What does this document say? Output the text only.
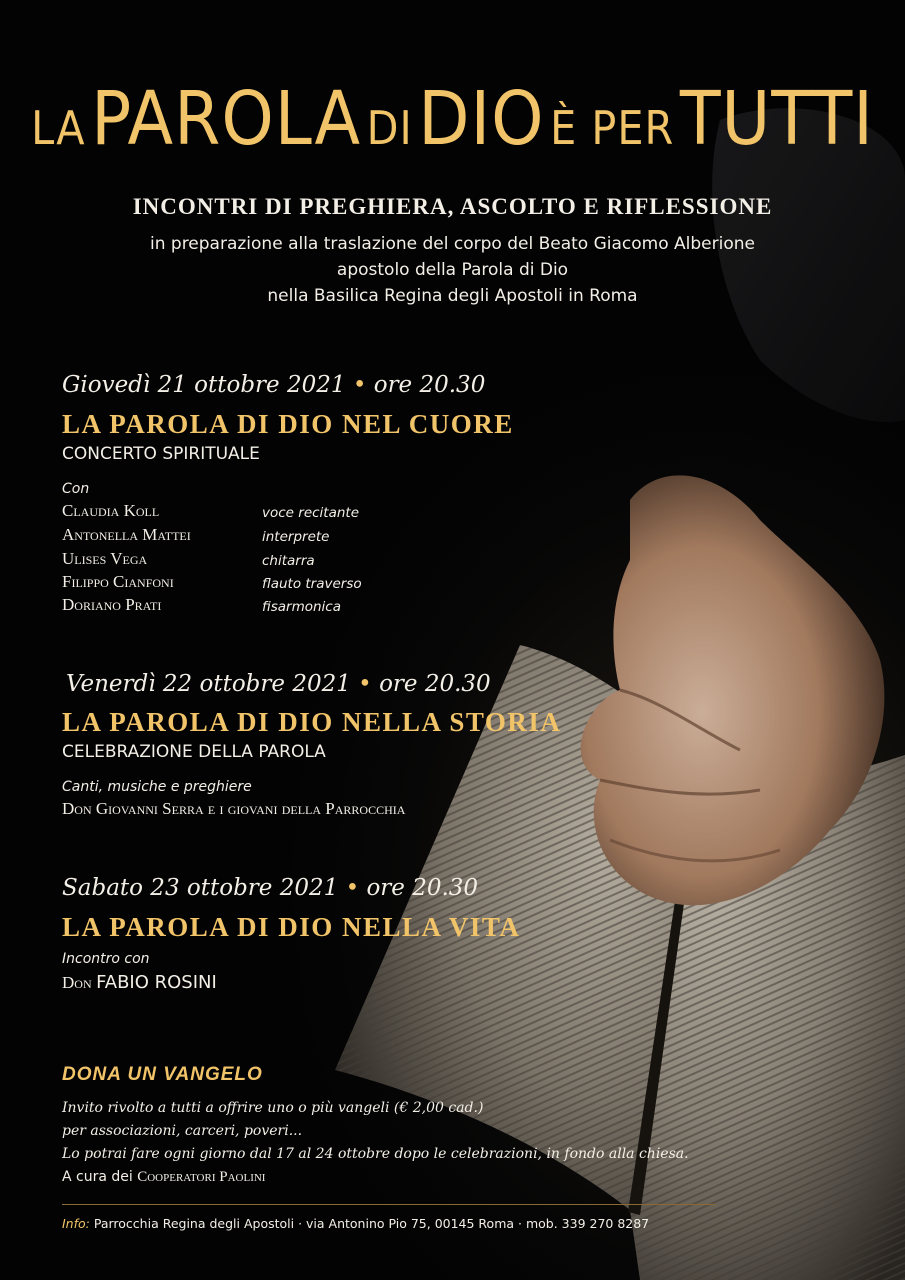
LA PAROLA DI DIO È PER TUTTI
INCONTRI DI PREGHIERA, ASCOLTO E RIFLESSIONE
in preparazione alla traslazione del corpo del Beato Giacomo Alberione
apostolo della Parola di Dio
nella Basilica Regina degli Apostoli in Roma
Giovedì 21 ottobre 2021 • ore 20.30
LA PAROLA DI DIO NEL CUORE
CONCERTO SPIRITUALE
Con
Claudia Koll	voce recitante
Antonella Mattei	interprete
Ulises Vega	chitarra
Filippo Cianfoni	flauto traverso
Doriano Prati	fisarmonica
Venerdì 22 ottobre 2021 • ore 20.30
LA PAROLA DI DIO NELLA STORIA
CELEBRAZIONE DELLA PAROLA
Canti, musiche e preghiere
Don Giovanni Serra e i giovani della Parrocchia
Sabato 23 ottobre 2021 • ore 20.30
LA PAROLA DI DIO NELLA VITA
Incontro con
Don FABIO ROSINI
DONA UN VANGELO
Invito rivolto a tutti a offrire uno o più vangeli (€ 2,00 cad.)
per associazioni, carceri, poveri...
Lo potrai fare ogni giorno dal 17 al 24 ottobre dopo le celebrazioni, in fondo alla chiesa.
A cura dei Cooperatori Paolini
Info: Parrocchia Regina degli Apostoli · via Antonino Pio 75, 00145 Roma · mob. 339 270 8287
